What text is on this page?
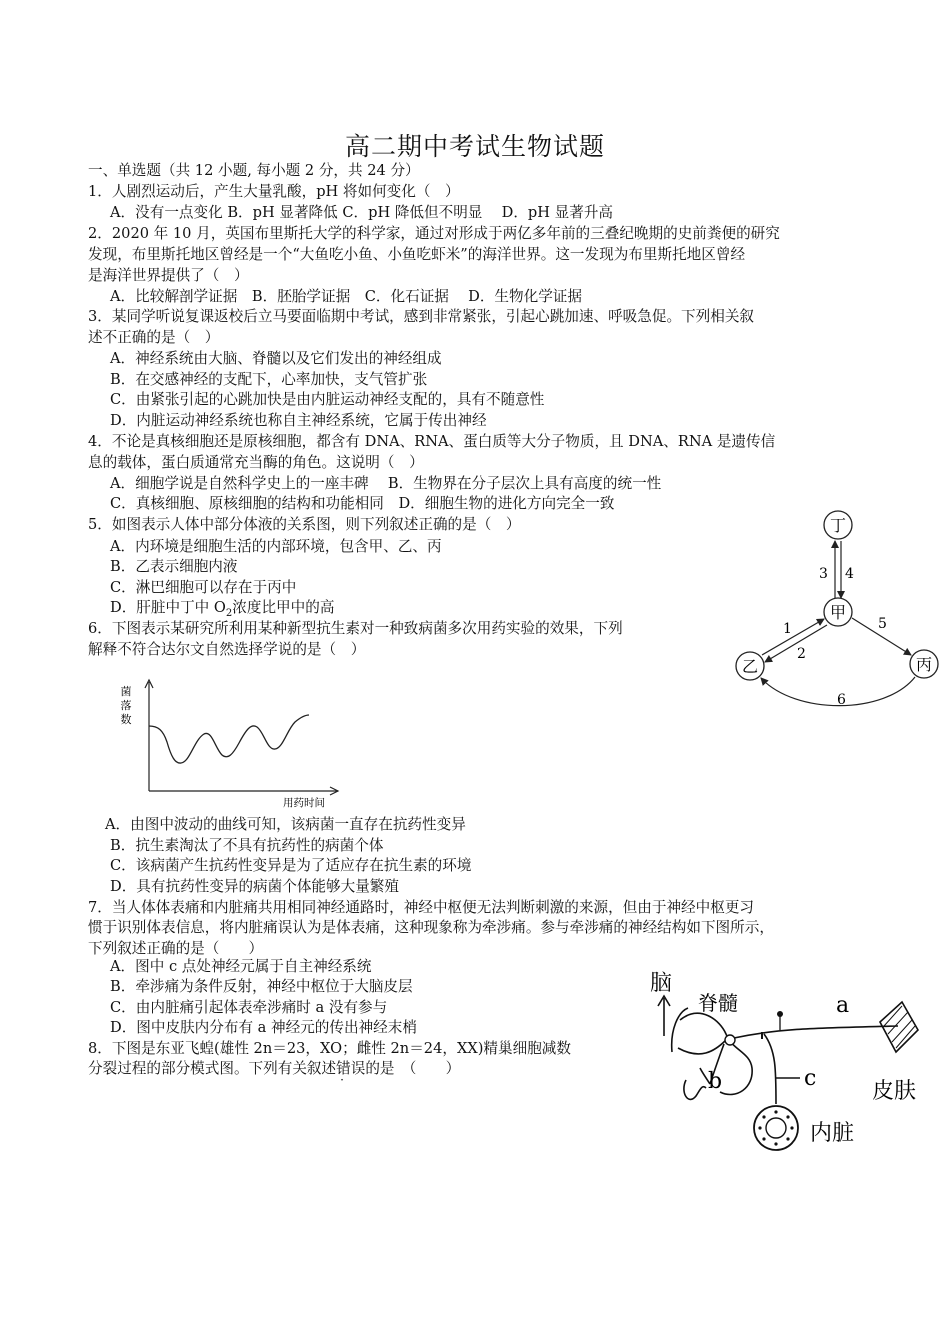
高二期中考试生物试题
一、单选题（共 12 小题, 每小题 2 分，共 24 分）
1．人剧烈运动后，产生大量乳酸，pH 将如何变化（　）
A．没有一点变化 B．pH 显著降低 C．pH 降低但不明显　 D．pH 显著升高
2．2020 年 10 月，英国布里斯托大学的科学家，通过对形成于两亿多年前的三叠纪晚期的史前粪便的研究
发现，布里斯托地区曾经是一个“大鱼吃小鱼、小鱼吃虾米”的海洋世界。这一发现为布里斯托地区曾经
是海洋世界提供了（　）
A．比较解剖学证据　B．胚胎学证据　C．化石证据　 D．生物化学证据
3．某同学听说复课返校后立马要面临期中考试，感到非常紧张，引起心跳加速、呼吸急促。下列相关叙
述不正确的是（　）
A．神经系统由大脑、脊髓以及它们发出的神经组成
B．在交感神经的支配下，心率加快，支气管扩张
C．由紧张引起的心跳加快是由内脏运动神经支配的，具有不随意性
D．内脏运动神经系统也称自主神经系统，它属于传出神经
4．不论是真核细胞还是原核细胞，都含有 DNA、RNA、蛋白质等大分子物质，且 DNA、RNA 是遗传信
息的载体，蛋白质通常充当酶的角色。这说明（　）
A．细胞学说是自然科学史上的一座丰碑　 B．生物界在分子层次上具有高度的统一性
C．真核细胞、原核细胞的结构和功能相同　D．细胞生物的进化方向完全一致
5．如图表示人体中部分体液的关系图，则下列叙述正确的是（　）
A．内环境是细胞生活的内部环境，包含甲、乙、丙
B．乙表示细胞内液
C．淋巴细胞可以存在于丙中
D．肝脏中丁中 $O_2$浓度比甲中的高
丁
甲
乙	丙
3 4
1
2
5
6
6．下图表示某研究所利用某种新型抗生素对一种致病菌多次用药实验的效果，下列
解释不符合达尔文自然选择学说的是（　）
菌
落
数
用药时间
A．由图中波动的曲线可知，该病菌一直存在抗药性变异
B．抗生素淘汰了不具有抗药性的病菌个体
C．该病菌产生抗药性变异是为了适应存在抗生素的环境
D．具有抗药性变异的病菌个体能够大量繁殖
7．当人体体表痛和内脏痛共用相同神经通路时，神经中枢便无法判断刺激的来源，但由于神经中枢更习
惯于识别体表信息，将内脏痛误认为是体表痛，这种现象称为牵涉痛。参与牵涉痛的神经结构如下图所示，
下列叙述正确的是（　　）
A．图中 c 点处神经元属于自主神经系统
B．牵涉痛为条件反射，神经中枢位于大脑皮层
C．由内脏痛引起体表牵涉痛时 a 没有参与
D．图中皮肤内分布有 a 神经元的传出神经末梢
8．下图是东亚飞蝗(雄性 2n＝23，XO；雌性 2n＝24，XX)精巢细胞减数
分裂过程的部分模式图。下列有关叙述错误的是　（　　）
脑
脊髓
b
a
皮肤
c
内脏
